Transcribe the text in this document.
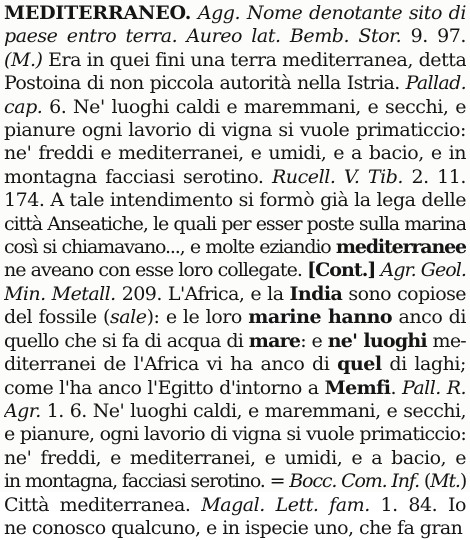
MEDITERRANEO. Agg. Nome denotante sito di
paese entro terra. Aureo lat. Bemb. Stor. 9. 97.
(M.) Era in quei fini una terra mediterranea, detta
Postoina di non piccola autorità nella Istria. Pallad.
cap. 6. Ne' luoghi caldi e maremmani, e secchi, e
pianure ogni lavorio di vigna si vuole primaticcio:
ne' freddi e mediterranei, e umidi, e a bacio, e in
montagna facciasi serotino. Rucell. V. Tib. 2. 11.
174. A tale intendimento si formò già la lega delle
città Anseatiche, le quali per esser poste sulla marina
così si chiamavano..., e molte eziandio mediterranee
ne aveano con esse loro collegate. [Cont.] Agr. Geol.
Min. Metall. 209. L'Africa, e la India sono copiose
del fossile (sale): e le loro marine hanno anco di
quello che si fa di acqua di mare: e ne' luoghi me-
diterranei de l'Africa vi ha anco di quel di laghi;
come l'ha anco l'Egitto d'intorno a Memfi. Pall. R.
Agr. 1. 6. Ne' luoghi caldi, e maremmani, e secchi,
e pianure, ogni lavorio di vigna si vuole primaticcio:
ne' freddi, e mediterranei, e umidi, e a bacio, e
in montagna, facciasi serotino. = Bocc. Com. Inf. (Mt.)
Città mediterranea. Magal. Lett. fam. 1. 84. Io
ne conosco qualcuno, e in ispecie uno, che fa gran
